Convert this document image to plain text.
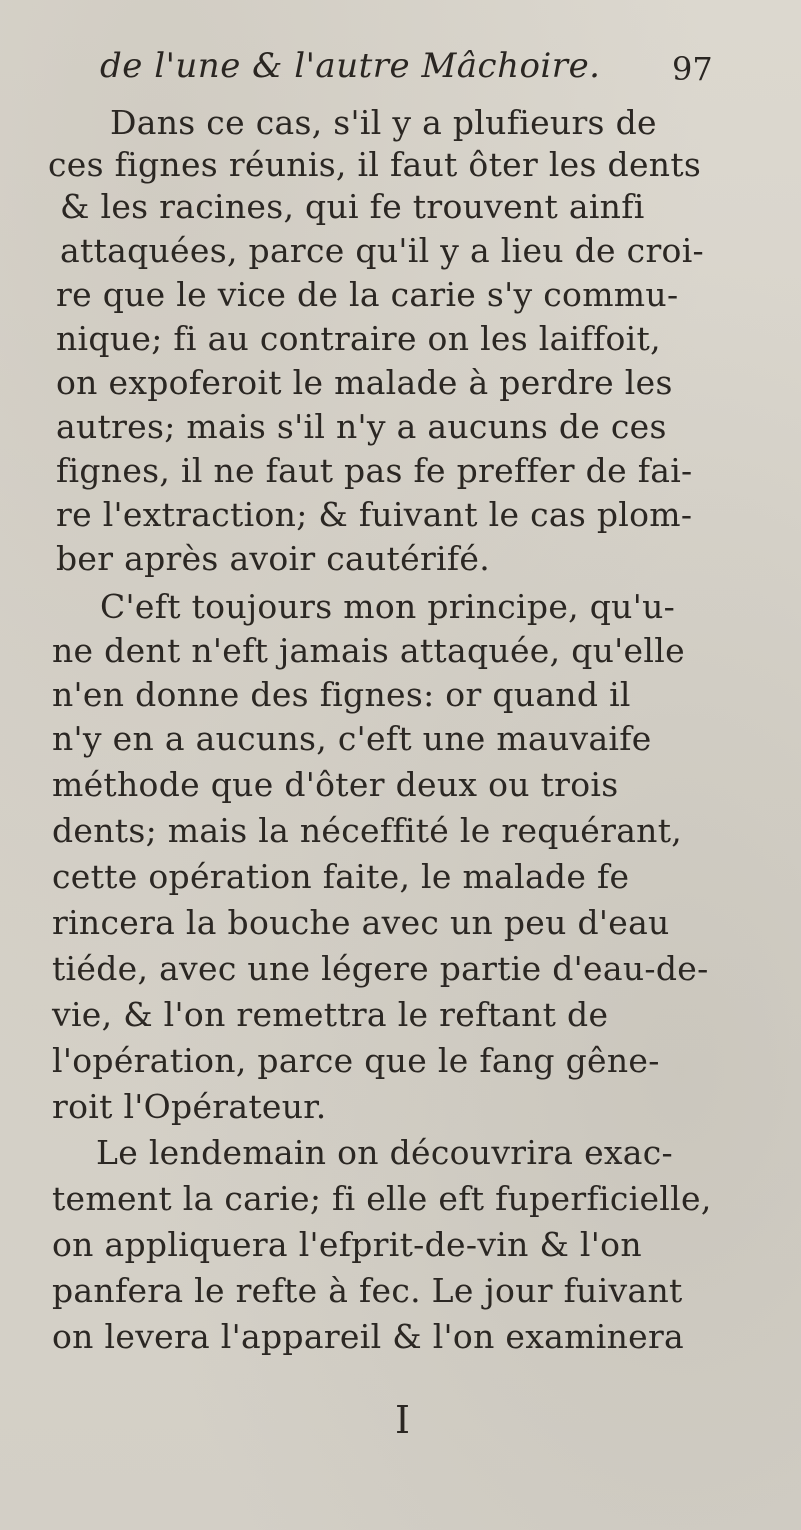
de l'une & l'autre Mâchoire. 97
Dans ce cas, s'il y a plufieurs de
ces fignes réunis, il faut ôter les dents
& les racines, qui fe trouvent ainfi
attaquées, parce qu'il y a lieu de croi-
re que le vice de la carie s'y commu-
nique; fi au contraire on les laiffoit,
on expoferoit le malade à perdre les
autres; mais s'il n'y a aucuns de ces
fignes, il ne faut pas fe preffer de fai-
re l'extraction; & fuivant le cas plom-
ber après avoir cautérifé.
C'eft toujours mon principe, qu'u-
ne dent n'eft jamais attaquée, qu'elle
n'en donne des fignes: or quand il
n'y en a aucuns, c'eft une mauvaife
méthode que d'ôter deux ou trois
dents; mais la néceffité le requérant,
cette opération faite, le malade fe
rincera la bouche avec un peu d'eau
tiéde, avec une légere partie d'eau-de-
vie, & l'on remettra le reftant de
l'opération, parce que le fang gêne-
roit l'Opérateur.
Le lendemain on découvrira exac-
tement la carie; fi elle eft fuperficielle,
on appliquera l'efprit-de-vin & l'on
panfera le refte à fec. Le jour fuivant
on levera l'appareil & l'on examinera
I
